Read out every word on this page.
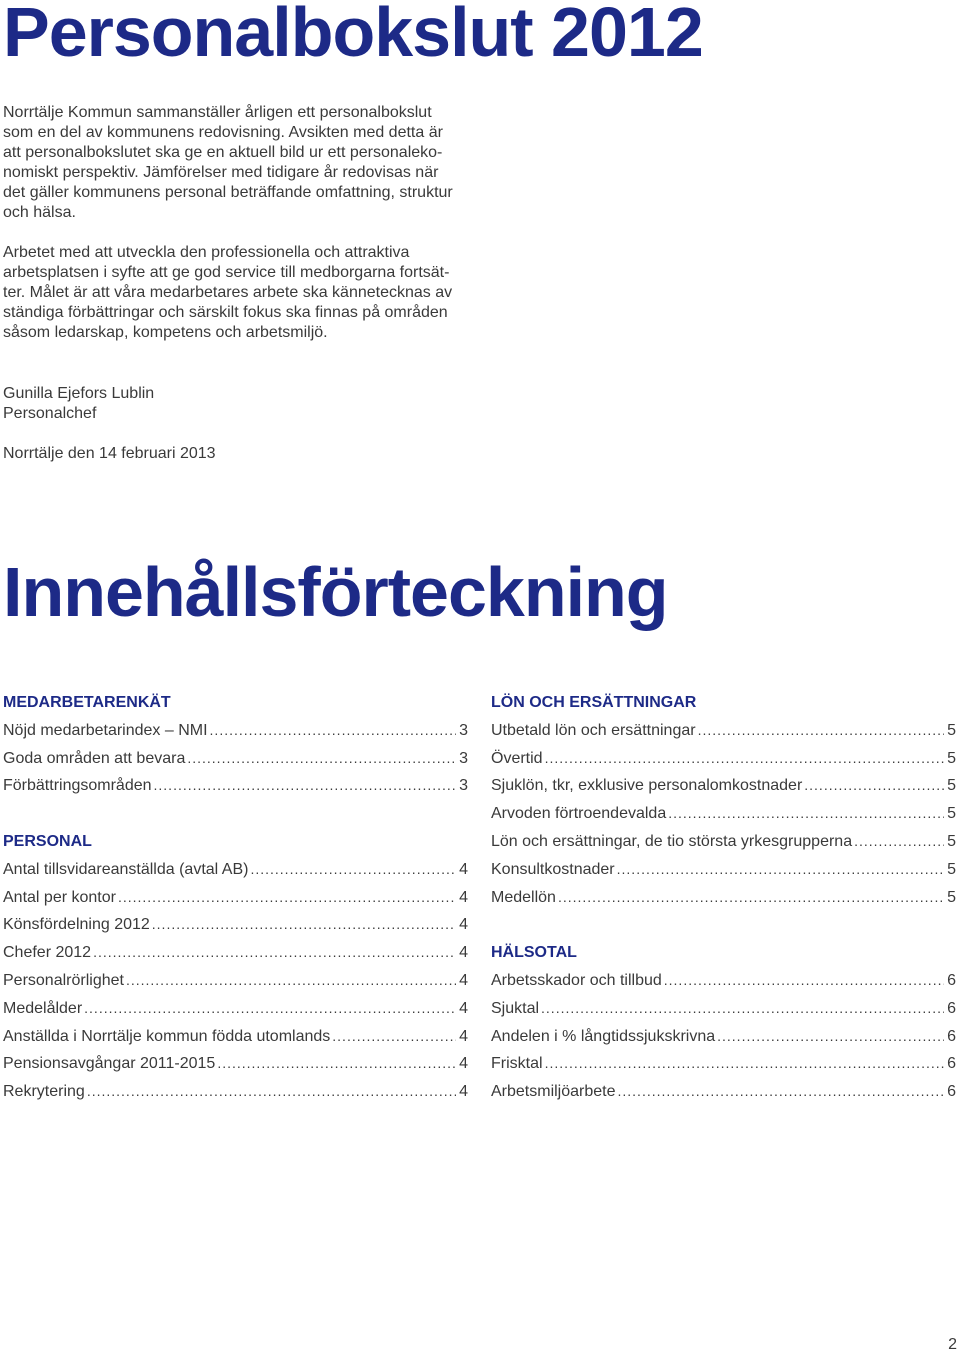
Personalbokslut 2012

Norrtälje Kommun sammanställer årligen ett personalbokslut
som en del av kommunens redovisning. Avsikten med detta är
att personalbokslutet ska ge en aktuell bild ur ett personaleko-
nomiskt perspektiv. Jämförelser med tidigare år redovisas när
det gäller kommunens personal beträffande omfattning, struktur
och hälsa.

Arbetet med att utveckla den professionella och attraktiva
arbetsplatsen i syfte att ge god service till medborgarna fortsät-
ter. Målet är att våra medarbetares arbete ska kännetecknas av
ständiga förbättringar och särskilt fokus ska finnas på områden
såsom ledarskap, kompetens och arbetsmiljö.

Gunilla Ejefors Lublin
Personalchef
Norrtälje den 14 februari 2013
Innehållsförteckning
MEDARBETARENKÄT
Nöjd medarbetarindex – NMI .....	3
Goda områden att bevara .....	3
Förbättringsområden .....	3
PERSONAL
Antal tillsvidareanställda (avtal AB) .....	4
Antal per kontor .....	4
Könsfördelning 2012 .....	4
Chefer 2012 .....	4
Personalrörlighet .....	4
Medelålder .....	4
Anställda i Norrtälje kommun födda utomlands .....	4
Pensionsavgångar 2011-2015 .....	4
Rekrytering .....	4
LÖN OCH ERSÄTTNINGAR
Utbetald lön och ersättningar .....	5
Övertid .....	5
Sjuklön, tkr, exklusive personalomkostnader .....	5
Arvoden förtroendevalda .....	5
Lön och ersättningar, de tio största yrkesgrupperna .....	5
Konsultkostnader .....	5
Medellön .....	5
HÄLSOTAL
Arbetsskador och tillbud .....	6
Sjuktal .....	6
Andelen i % långtidssjukskrivna .....	6
Frisktal .....	6
Arbetsmiljöarbete .....	6
2
